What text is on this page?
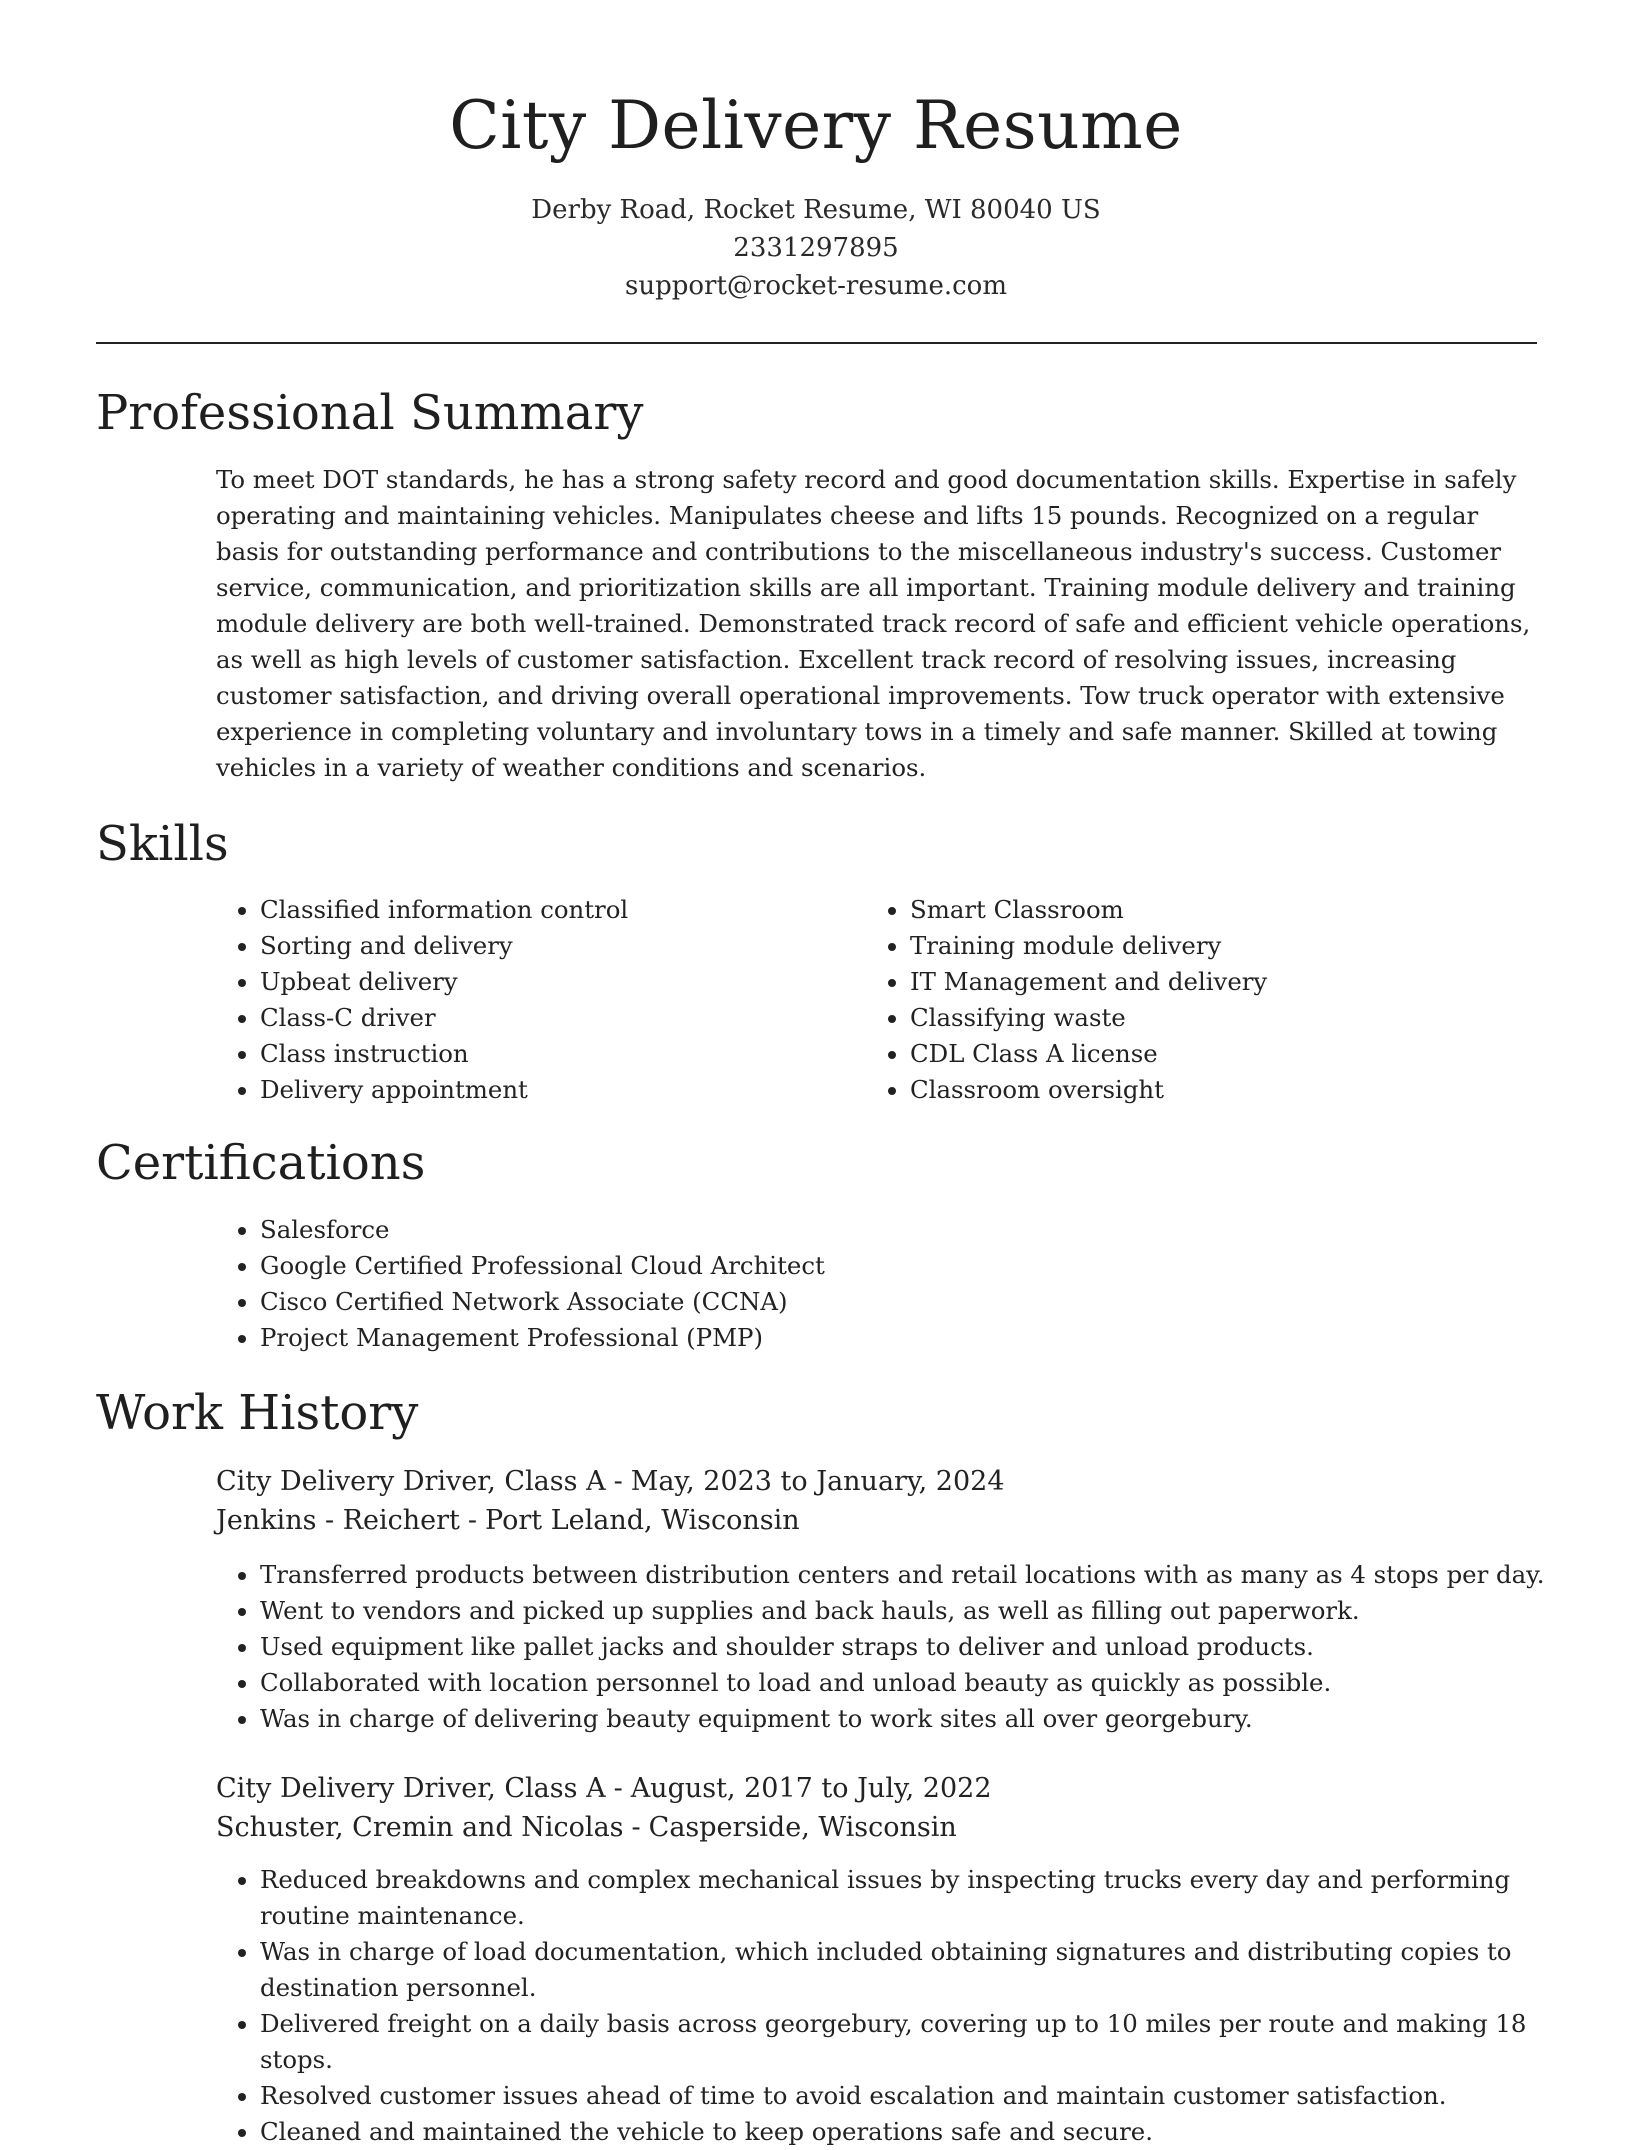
City Delivery Resume
Derby Road, Rocket Resume, WI 80040 US
2331297895
support@rocket-resume.com
Professional Summary

To meet DOT standards, he has a strong safety record and good documentation skills. Expertise in safely operating and maintaining vehicles. Manipulates cheese and lifts 15 pounds. Recognized on a regular basis for outstanding performance and contributions to the miscellaneous industry's success. Customer service, communication, and prioritization skills are all important. Training module delivery and training module delivery are both well-trained. Demonstrated track record of safe and efficient vehicle operations, as well as high levels of customer satisfaction. Excellent track record of resolving issues, increasing customer satisfaction, and driving overall operational improvements. Tow truck operator with extensive experience in completing voluntary and involuntary tows in a timely and safe manner. Skilled at towing vehicles in a variety of weather conditions and scenarios.

Skills
• Classified information control
• Sorting and delivery
• Upbeat delivery
• Class-C driver
• Class instruction
• Delivery appointment
• Smart Classroom
• Training module delivery
• IT Management and delivery
• Classifying waste
• CDL Class A license
• Classroom oversight
Certifications
• Salesforce
• Google Certified Professional Cloud Architect
• Cisco Certified Network Associate (CCNA)
• Project Management Professional (PMP)
Work History
City Delivery Driver, Class A - May, 2023 to January, 2024
Jenkins - Reichert - Port Leland, Wisconsin
• Transferred products between distribution centers and retail locations with as many as 4 stops per day.
• Went to vendors and picked up supplies and back hauls, as well as filling out paperwork.
• Used equipment like pallet jacks and shoulder straps to deliver and unload products.
• Collaborated with location personnel to load and unload beauty as quickly as possible.
• Was in charge of delivering beauty equipment to work sites all over georgebury.
City Delivery Driver, Class A - August, 2017 to July, 2022
Schuster, Cremin and Nicolas - Casperside, Wisconsin
• Reduced breakdowns and complex mechanical issues by inspecting trucks every day and performing routine maintenance.
• Was in charge of load documentation, which included obtaining signatures and distributing copies to destination personnel.
• Delivered freight on a daily basis across georgebury, covering up to 10 miles per route and making 18 stops.
• Resolved customer issues ahead of time to avoid escalation and maintain customer satisfaction.
• Cleaned and maintained the vehicle to keep operations safe and secure.
